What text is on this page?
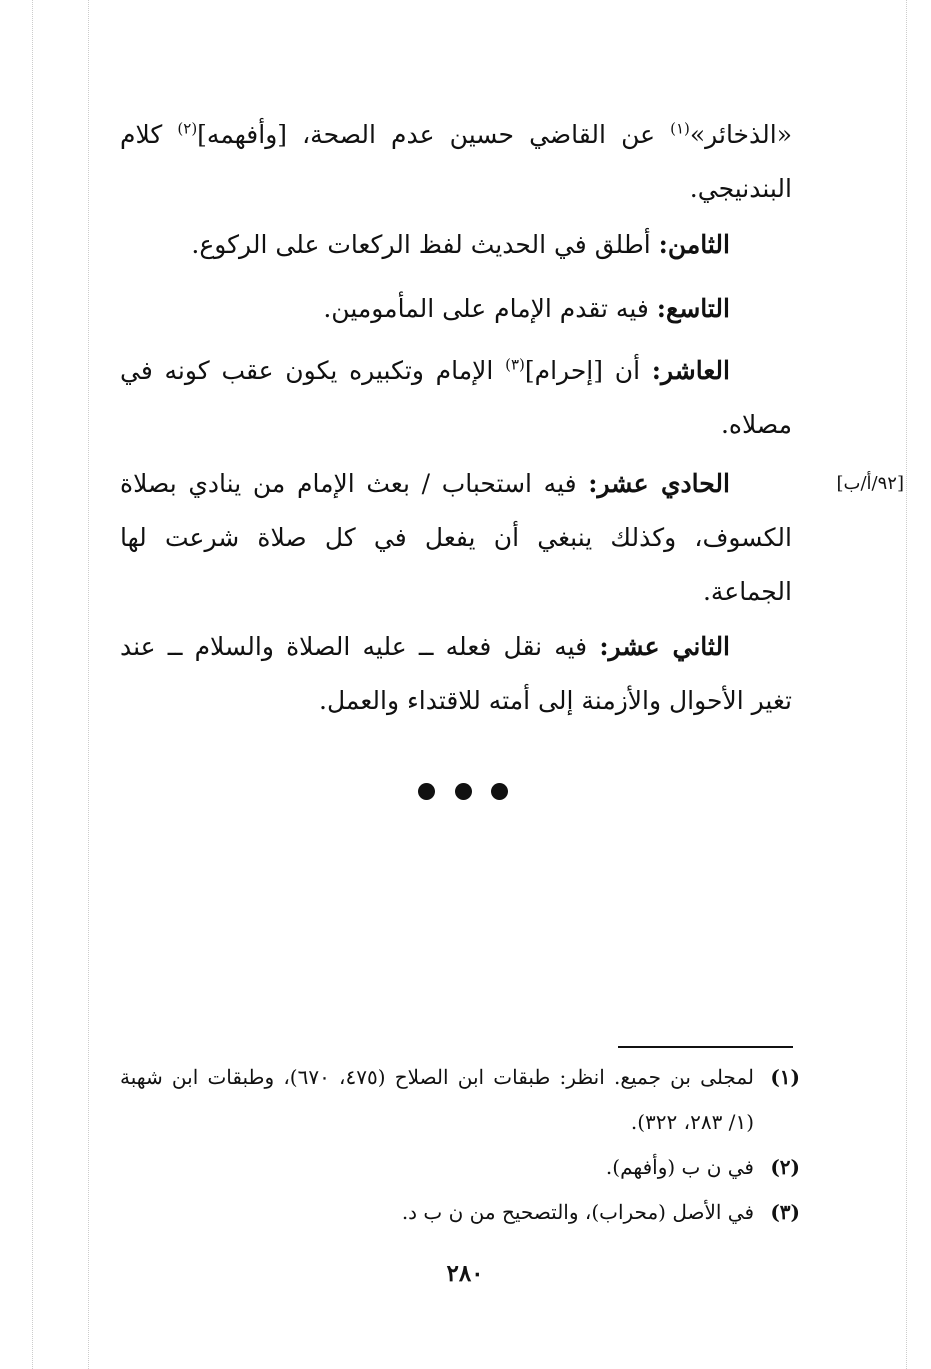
«الذخائر»$^{(١)}$ عن القاضي حسين عدم الصحة، [وأفهمه]$^{(٢)}$ كلام البندنيجي.

الثامن: أطلق في الحديث لفظ الركعات على الركوع.

التاسع: فيه تقدم الإمام على المأمومين.

العاشر: أن [إحرام]$^{(٣)}$ الإمام وتكبيره يكون عقب كونه في مصلاه.

[٩٢/أ/ب]

الحادي عشر: فيه استحباب / بعث الإمام من ينادي بصلاة الكسوف، وكذلك ينبغي أن يفعل في كل صلاة شرعت لها الجماعة.

الثاني عشر: فيه نقل فعله ــ عليه الصلاة والسلام ــ عند تغير الأحوال والأزمنة إلى أمته للاقتداء والعمل.

(١)
لمجلى بن جميع. انظر: طبقات ابن الصلاح (٤٧٥، ٦٧٠)، وطبقات ابن شهبة (١/ ٢٨٣، ٣٢٢).

(٢)
في ن ب (وأفهم).

(٣)
في الأصل (محراب)، والتصحيح من ن ب د.

٢٨٠
